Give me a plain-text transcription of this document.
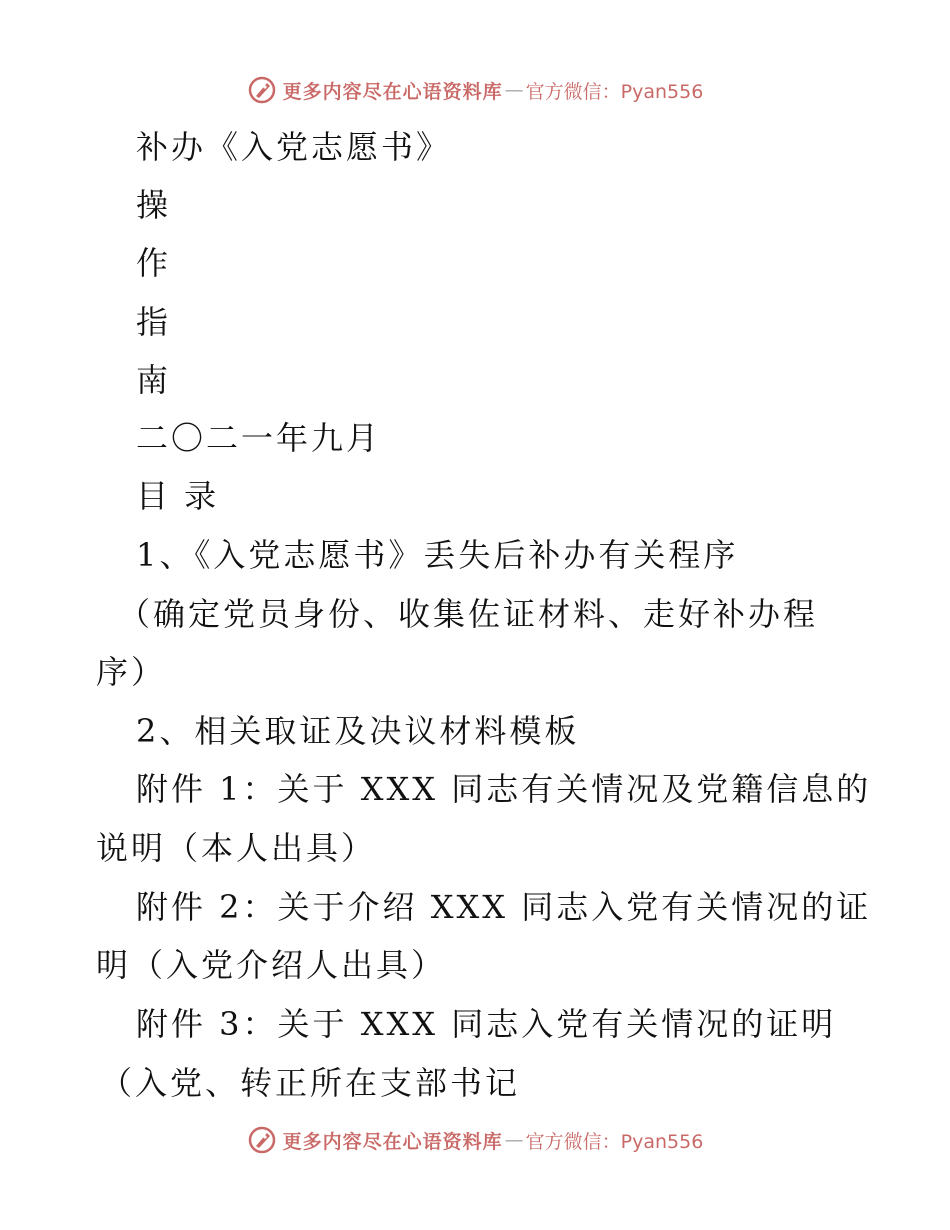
更多内容尽在心语资料库 — 官方微信：Pyan556
补办《入党志愿书》
操
作
指
南
二〇二一年九月
目 录
1、《入党志愿书》丢失后补办有关程序
（确定党员身份、收集佐证材料、走好补办程
序）
2、相关取证及决议材料模板
附件 1：关于 XXX 同志有关情况及党籍信息的
说明（本人出具）
附件 2：关于介绍 XXX 同志入党有关情况的证
明（入党介绍人出具）
附件 3：关于 XXX 同志入党有关情况的证明
（入党、转正所在支部书记
更多内容尽在心语资料库 — 官方微信：Pyan556
